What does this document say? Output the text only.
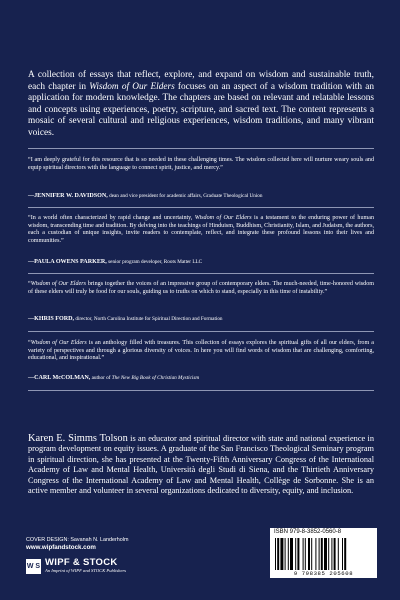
A collection of essays that reflect, explore, and expand on wisdom and sustainable truth, each chapter in Wisdom of Our Elders focuses on an aspect of a wisdom tradition with an application for modern knowledge. The chapters are based on relevant and relatable lessons and concepts using experiences, poetry, scripture, and sacred text. The content represents a mosaic of several cultural and religious experiences, wisdom traditions, and many vibrant voices.

“I am deeply grateful for this resource that is so needed in these challenging times. The wisdom collected here will nurture weary souls and equip spiritual directors with the language to connect spirit, justice, and mercy.”

—JENNIFER W. DAVIDSON, dean and vice president for academic affairs, Graduate Theological Union

“In a world often characterized by rapid change and uncertainty, Wisdom of Our Elders is a testament to the enduring power of human wisdom, transcending time and tradition. By delving into the teachings of Hinduism, Buddhism, Christianity, Islam, and Judaism, the authors, each a custodian of unique insights, invite readers to contemplate, reflect, and integrate these profound lessons into their lives and communities.”

—PAULA OWENS PARKER, senior program developer, Roots Matter LLC

“Wisdom of Our Elders brings together the voices of an impressive group of contemporary elders. The much-needed, time-honored wisdom of these elders will truly be food for our souls, guiding us to truths on which to stand, especially in this time of instability.”

—KHRIS FORD, director, North Carolina Institute for Spiritual Direction and Formation

“Wisdom of Our Elders is an anthology filled with treasures. This collection of essays explores the spiritual gifts of all our elders, from a variety of perspectives and through a glorious diversity of voices. In here you will find words of wisdom that are challenging, comforting, educational, and inspirational.”

—CARL McCOLMAN, author of The New Big Book of Christian Mysticism

Karen E. Simms Tolson is an educator and spiritual director with state and national experience in program development on equity issues. A graduate of the San Francisco Theological Seminary program in spiritual direction, she has presented at the Twenty-Fifth Anniversary Congress of the International Academy of Law and Mental Health, Università degli Studi di Siena, and the Thirtieth Anniversary Congress of the International Academy of Law and Mental Health, Collège de Sorbonne. She is an active member and volunteer in several organizations dedicated to diversity, equity, and inclusion.

COVER DESIGN: Savanah N. Landerholm
www.wipfandstock.com
W S WIPF & STOCK
An Imprint of WIPF and STOCK Publishers
ISBN 979-8-3852-0560-8
9 798385 205608
